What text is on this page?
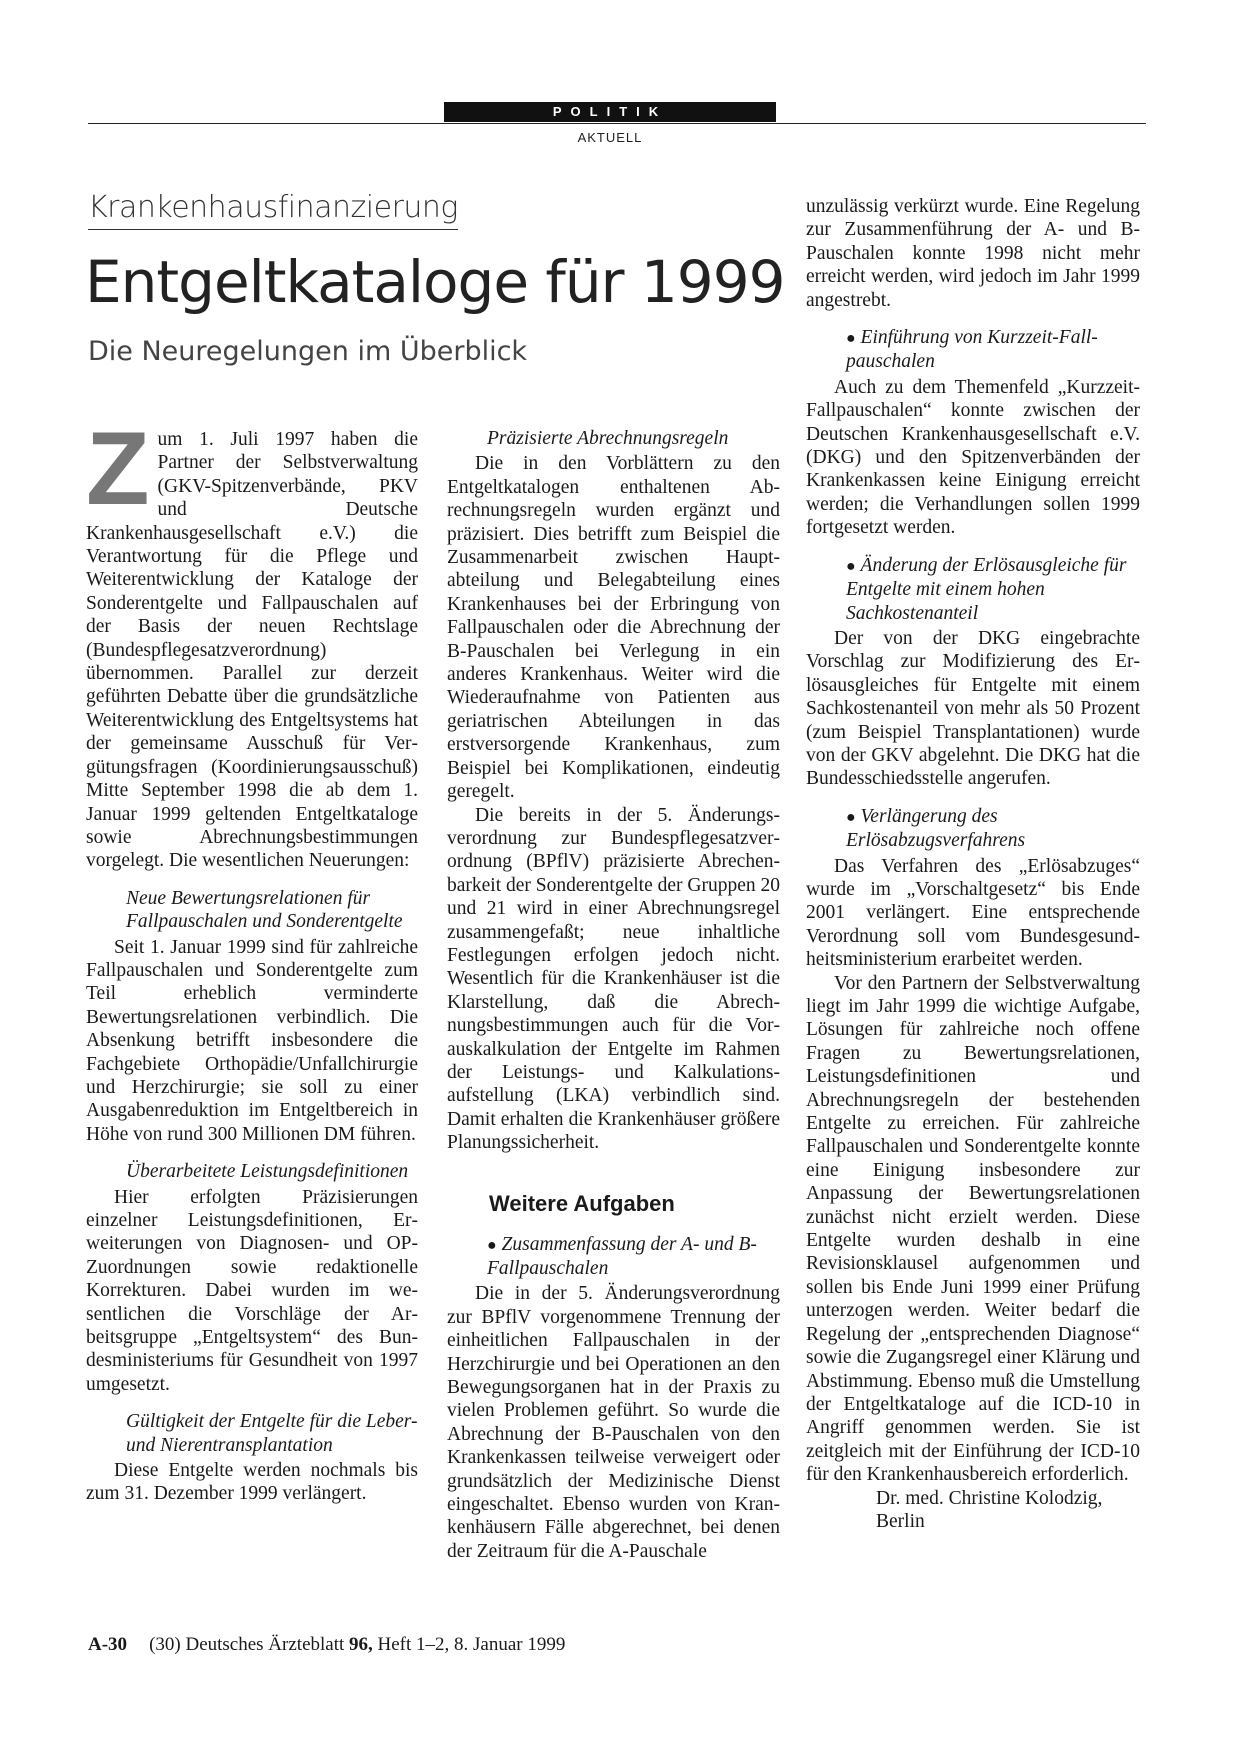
POLITIK
AKTUELL
Krankenhausfinanzierung
Entgeltkataloge für 1999
Die Neuregelungen im Überblick

Zum 1. Juli 1997 haben die Partner der Selbstverwaltung (GKV-Spitzenverbände, PKV und Deutsche Krankenhausgesellschaft e.V.) die Verantwortung für die Pflege und Weiterentwicklung der Kataloge der Sonderentgelte und Fallpauschalen auf der Basis der neuen Rechtslage (Bundespflegesatzverordnung) übernommen. Parallel zur derzeit geführten Debatte über die grundsätzliche Weiterentwicklung des Entgeltsystems hat der gemeinsame Ausschuß für Vergütungsfragen (Koordinierungsausschuß) Mitte September 1998 die ab dem 1. Januar 1999 geltenden Entgeltkataloge sowie Abrechnungsbestimmungen vorgelegt. Die wesentlichen Neuerungen:

Neue Bewertungsrelationen für Fallpauschalen und Sonderentgelte

Seit 1. Januar 1999 sind für zahlreiche Fallpauschalen und Sonderentgelte zum Teil erheblich verminderte Bewertungsrelationen verbindlich. Die Absenkung betrifft insbesondere die Fachgebiete Orthopädie/Unfallchirurgie und Herzchirurgie; sie soll zu einer Ausgabenreduktion im Entgeltbereich in Höhe von rund 300 Millionen DM führen.

Überarbeitete Leistungsdefinitionen

Hier erfolgten Präzisierungen einzelner Leistungsdefinitionen, Erweiterungen von Diagnosen- und OP-Zuordnungen sowie redaktionelle Korrekturen. Dabei wurden im wesentlichen die Vorschläge der Arbeitsgruppe „Entgeltsystem“ des Bundesministeriums für Gesundheit von 1997 umgesetzt.

Gültigkeit der Entgelte für die Leber- und Nierentransplantation

Diese Entgelte werden nochmals bis zum 31. Dezember 1999 verlängert.

Präzisierte Abrechnungsregeln

Die in den Vorblättern zu den Entgeltkatalogen enthaltenen Abrechnungsregeln wurden ergänzt und präzisiert. Dies betrifft zum Beispiel die Zusammenarbeit zwischen Hauptabteilung und Belegabteilung eines Krankenhauses bei der Erbringung von Fallpauschalen oder die Abrechnung der B-Pauschalen bei Verlegung in ein anderes Krankenhaus. Weiter wird die Wiederaufnahme von Patienten aus geriatrischen Abteilungen in das erstversorgende Krankenhaus, zum Beispiel bei Komplikationen, eindeutig geregelt.

Die bereits in der 5. Änderungsverordnung zur Bundespflegesatzverordnung (BPflV) präzisierte Abrechenbarkeit der Sonderentgelte der Gruppen 20 und 21 wird in einer Abrechnungsregel zusammengefaßt; neue inhaltliche Festlegungen erfolgen jedoch nicht. Wesentlich für die Krankenhäuser ist die Klarstellung, daß die Abrechnungsbestimmungen auch für die Vorauskalkulation der Entgelte im Rahmen der Leistungs- und Kalkulationsaufstellung (LKA) verbindlich sind. Damit erhalten die Krankenhäuser größere Planungssicherheit.

Weitere Aufgaben
● Zusammenfassung der A- und B-Fallpauschalen

Die in der 5. Änderungsverordnung zur BPflV vorgenommene Trennung der einheitlichen Fallpauschalen in der Herzchirurgie und bei Operationen an den Bewegungsorganen hat in der Praxis zu vielen Problemen geführt. So wurde die Abrechnung der B-Pauschalen von den Krankenkassen teilweise verweigert oder grundsätzlich der Medizinische Dienst eingeschaltet. Ebenso wurden von Krankenhäusern Fälle abgerechnet, bei denen der Zeitraum für die A-Pauschale

unzulässig verkürzt wurde. Eine Regelung zur Zusammenführung der A- und B-Pauschalen konnte 1998 nicht mehr erreicht werden, wird jedoch im Jahr 1999 angestrebt.

● Einführung von Kurzzeit-Fallpauschalen

Auch zu dem Themenfeld „Kurzzeit-Fallpauschalen“ konnte zwischen der Deutschen Krankenhausgesellschaft e.V. (DKG) und den Spitzenverbänden der Krankenkassen keine Einigung erreicht werden; die Verhandlungen sollen 1999 fortgesetzt werden.

● Änderung der Erlösausgleiche für Entgelte mit einem hohen Sachkostenanteil

Der von der DKG eingebrachte Vorschlag zur Modifizierung des Erlösausgleiches für Entgelte mit einem Sachkostenanteil von mehr als 50 Prozent (zum Beispiel Transplantationen) wurde von der GKV abgelehnt. Die DKG hat die Bundesschiedsstelle angerufen.

● Verlängerung des Erlösabzugsverfahrens

Das Verfahren des „Erlösabzuges“ wurde im „Vorschaltgesetz“ bis Ende 2001 verlängert. Eine entsprechende Verordnung soll vom Bundesgesundheitsministerium erarbeitet werden.

Vor den Partnern der Selbstverwaltung liegt im Jahr 1999 die wichtige Aufgabe, Lösungen für zahlreiche noch offene Fragen zu Bewertungsrelationen, Leistungsdefinitionen und Abrechnungsregeln der bestehenden Entgelte zu erreichen. Für zahlreiche Fallpauschalen und Sonderentgelte konnte eine Einigung insbesondere zur Anpassung der Bewertungsrelationen zunächst nicht erzielt werden. Diese Entgelte wurden deshalb in eine Revisionsklausel aufgenommen und sollen bis Ende Juni 1999 einer Prüfung unterzogen werden. Weiter bedarf die Regelung der „entsprechenden Diagnose“ sowie die Zugangsregel einer Klärung und Abstimmung. Ebenso muß die Umstellung der Entgeltkataloge auf die ICD-10 in Angriff genommen werden. Sie ist zeitgleich mit der Einführung der ICD-10 für den Krankenhausbereich erforderlich.

Dr. med. Christine Kolodzig,

Berlin

A-30 (30) Deutsches Ärzteblatt 96, Heft 1–2, 8. Januar 1999
